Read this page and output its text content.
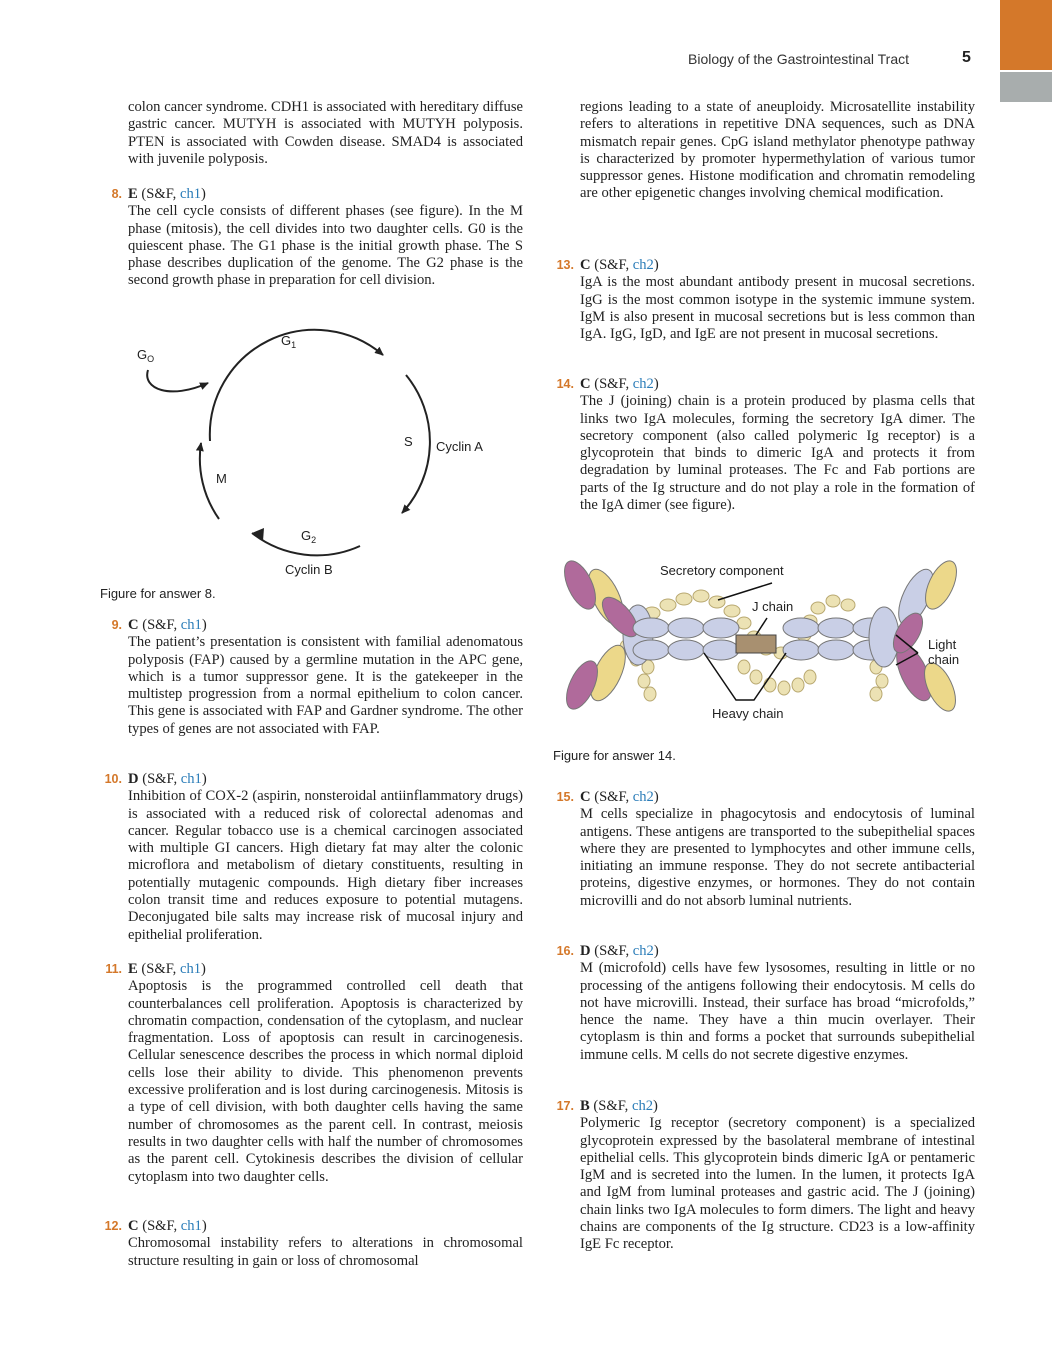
Biology of the Gastrointestinal Tract	5

colon cancer syndrome. CDH1 is associated with hereditary diffuse gastric cancer. MUTYH is associated with MUTYH polyposis. PTEN is associated with Cowden disease. SMAD4 is associated with juvenile polyposis.

8. E (S&F, ch1)
The cell cycle consists of different phases (see figure). In the M phase (mitosis), the cell divides into two daughter cells. G0 is the quiescent phase. The G1 phase is the initial growth phase. The S phase describes duplication of the genome. The G2 phase is the second growth phase in preparation for cell division.
$G_O$
$G_1$
S Cyclin A
M
$G_2$
Cyclin B
Figure for answer 8.
9. C (S&F, ch1)
The patient’s presentation is consistent with familial adenomatous polyposis (FAP) caused by a germline mutation in the APC gene, which is a tumor suppressor gene. It is the gatekeeper in the multistep progression from a normal epithelium to colon cancer. This gene is associated with FAP and Gardner syndrome. The other types of genes are not associated with FAP.
10. D (S&F, ch1)
Inhibition of COX-2 (aspirin, nonsteroidal antiinflammatory drugs) is associated with a reduced risk of colorectal adenomas and cancer. Regular tobacco use is a chemical carcinogen associated with multiple GI cancers. High dietary fat may alter the colonic microflora and metabolism of dietary constituents, resulting in potentially mutagenic compounds. High dietary fiber increases colon transit time and reduces exposure to potential mutagens. Deconjugated bile salts may increase risk of mucosal injury and epithelial proliferation.
11. E (S&F, ch1)
Apoptosis is the programmed controlled cell death that counterbalances cell proliferation. Apoptosis is characterized by chromatin compaction, condensation of the cytoplasm, and nuclear fragmentation. Loss of apoptosis can result in carcinogenesis. Cellular senescence describes the process in which normal diploid cells lose their ability to divide. This phenomenon prevents excessive proliferation and is lost during carcinogenesis. Mitosis is a type of cell division, with both daughter cells having the same number of chromosomes as the parent cell. In contrast, meiosis results in two daughter cells with half the number of chromosomes as the parent cell. Cytokinesis describes the division of cellular cytoplasm into two daughter cells.
12. C (S&F, ch1)
Chromosomal instability refers to alterations in chromosomal structure resulting in gain or loss of chromosomal

regions leading to a state of aneuploidy. Microsatellite instability refers to alterations in repetitive DNA sequences, such as DNA mismatch repair genes. CpG island methylator phenotype pathway is characterized by promoter hypermethylation of various tumor suppressor genes. Histone modification and chromatin remodeling are other epigenetic changes involving chemical modification.

13. C (S&F, ch2)
IgA is the most abundant antibody present in mucosal secretions. IgG is the most common isotype in the systemic immune system. IgM is also present in mucosal secretions but is less common than IgA. IgG, IgD, and IgE are not present in mucosal secretions.
14. C (S&F, ch2)
The J (joining) chain is a protein produced by plasma cells that links two IgA molecules, forming the secretory IgA dimer. The secretory component (also called polymeric Ig receptor) is a glycoprotein that binds to dimeric IgA and protects it from degradation by luminal proteases. The Fc and Fab portions are parts of the Ig structure and do not play a role in the formation of the IgA dimer (see figure).
Secretory component
J chain
Light
chain
Heavy chain
Figure for answer 14.
15. C (S&F, ch2)
M cells specialize in phagocytosis and endocytosis of luminal antigens. These antigens are transported to the subepithelial spaces where they are presented to lymphocytes and other immune cells, initiating an immune response. They do not secrete antibacterial proteins, digestive enzymes, or hormones. They do not contain microvilli and do not absorb luminal nutrients.
16. D (S&F, ch2)
M (microfold) cells have few lysosomes, resulting in little or no processing of the antigens following their endocytosis. M cells do not have microvilli. Instead, their surface has broad “microfolds,” hence the name. They have a thin mucin overlayer. Their cytoplasm is thin and forms a pocket that surrounds subepithelial immune cells. M cells do not secrete digestive enzymes.
17. B (S&F, ch2)
Polymeric Ig receptor (secretory component) is a specialized glycoprotein expressed by the basolateral membrane of intestinal epithelial cells. This glycoprotein binds dimeric IgA or pentameric IgM and is secreted into the lumen. In the lumen, it protects IgA and IgM from luminal proteases and gastric acid. The J (joining) chain links two IgA molecules to form dimers. The light and heavy chains are components of the Ig structure. CD23 is a low-affinity IgE Fc receptor.
